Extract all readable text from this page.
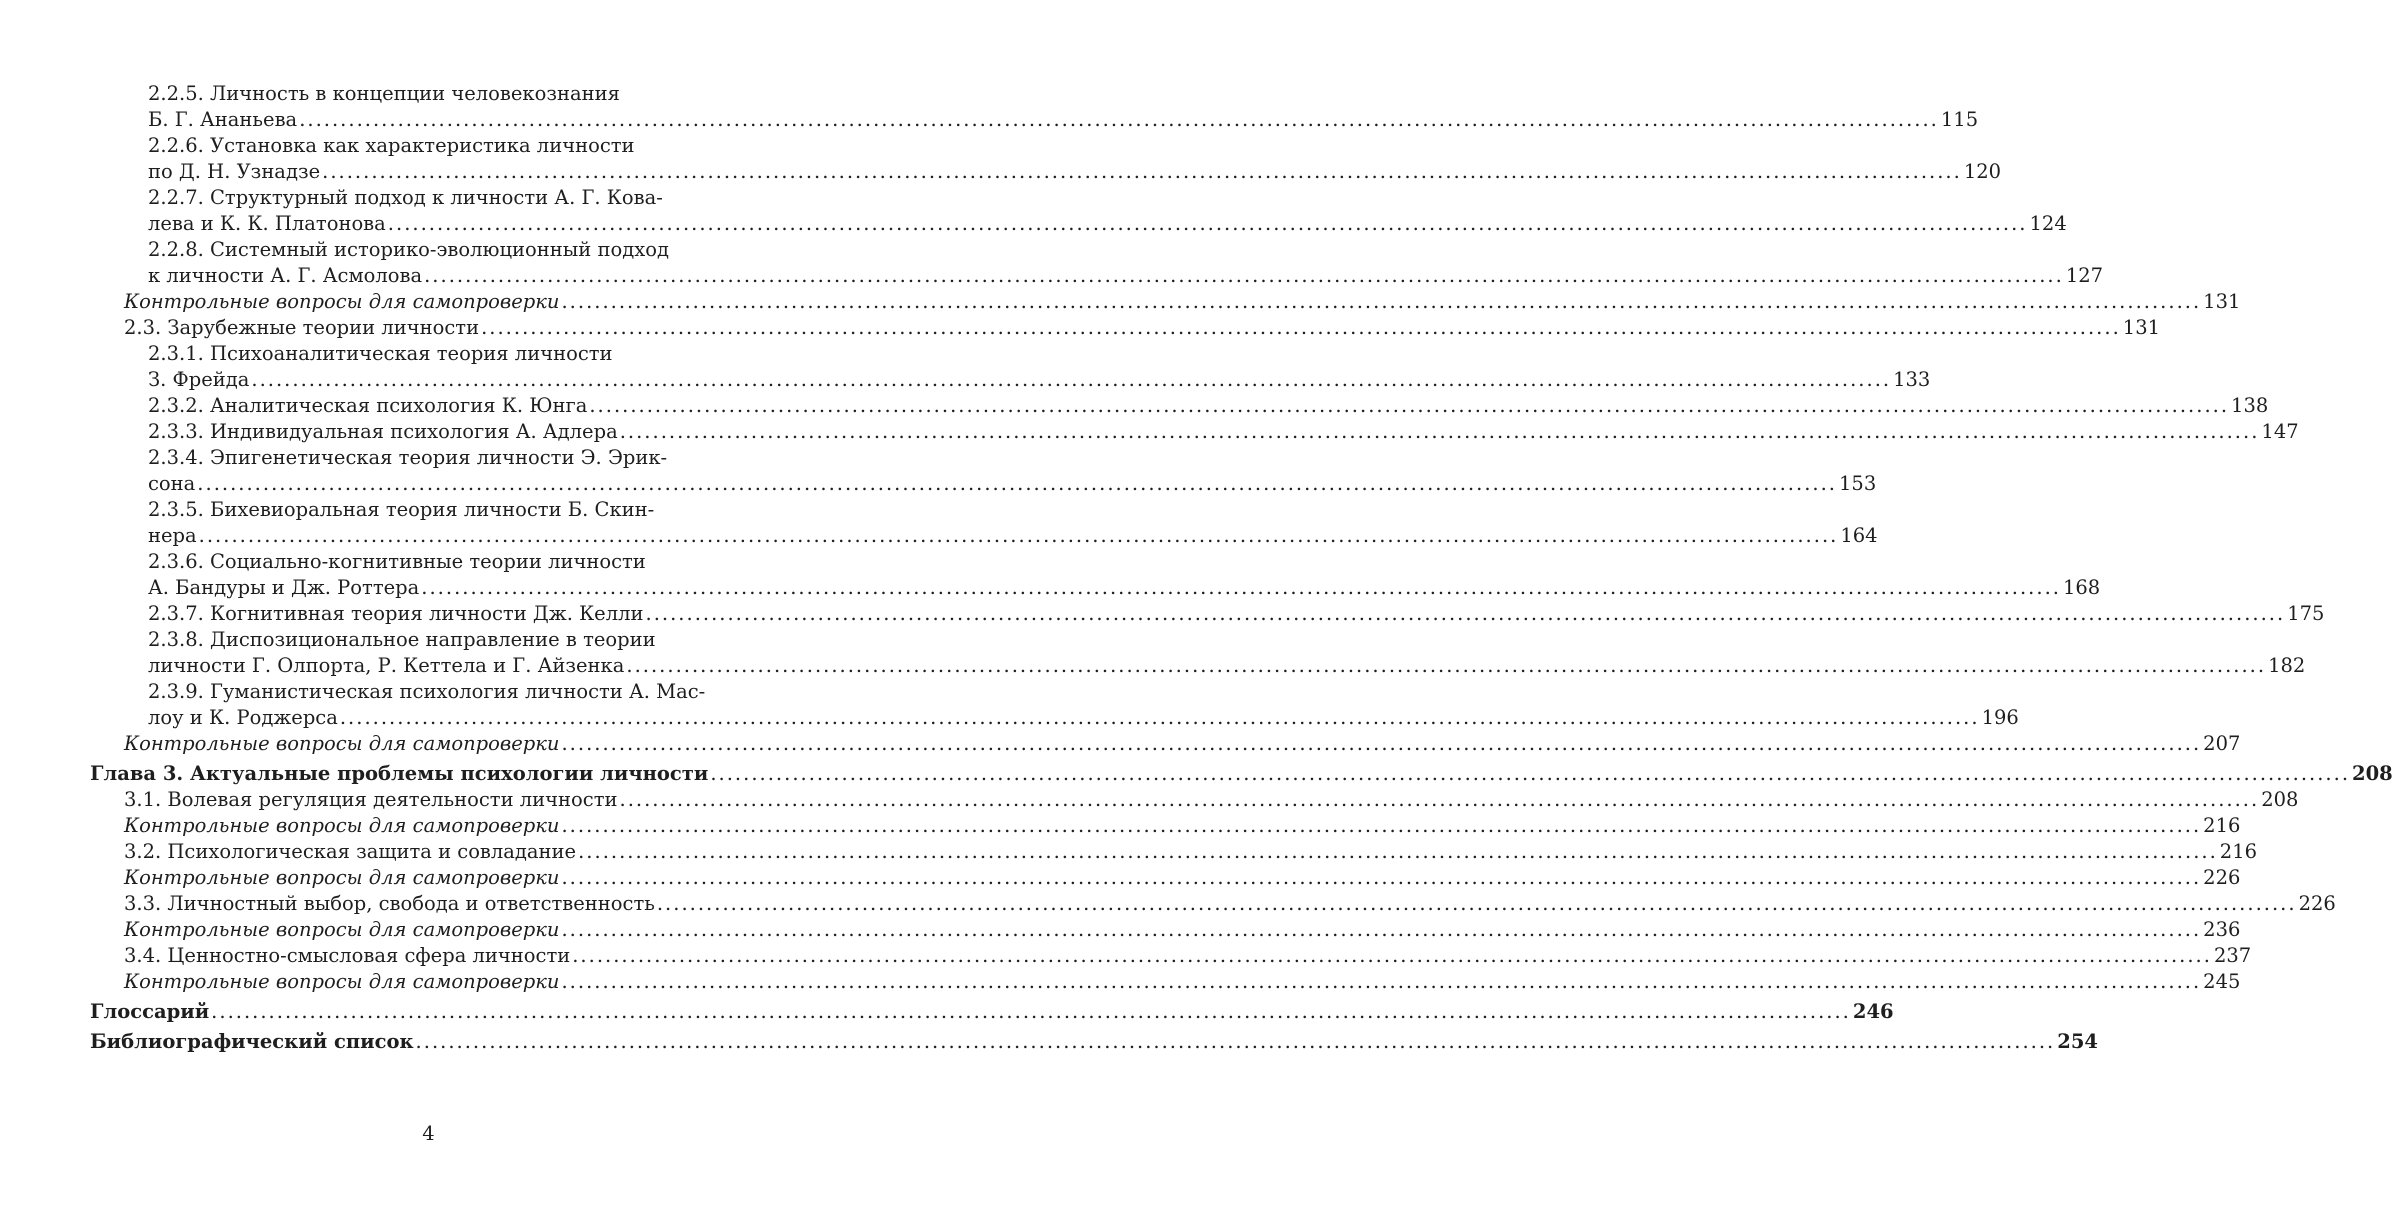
2.2.5. Личность в концепции человекознания
Б. Г. Ананьева ........................................................................................................................................................................................................ 115
2.2.6. Установка как характеристика личности
по Д. Н. Узнадзе ........................................................................................................................................................................................................ 120
2.2.7. Структурный подход к личности А. Г. Кова-
лева и К. К. Платонова ........................................................................................................................................................................................................ 124
2.2.8. Системный историко-эволюционный подход
к личности А. Г. Асмолова ........................................................................................................................................................................................................ 127
Контрольные вопросы для самопроверки ........................................................................................................................................................................................................ 131
2.3. Зарубежные теории личности ........................................................................................................................................................................................................ 131
2.3.1. Психоаналитическая теория личности
З. Фрейда ........................................................................................................................................................................................................ 133
2.3.2. Аналитическая психология К. Юнга ........................................................................................................................................................................................................ 138
2.3.3. Индивидуальная психология А. Адлера ........................................................................................................................................................................................................ 147
2.3.4. Эпигенетическая теория личности Э. Эрик-
сона ........................................................................................................................................................................................................ 153
2.3.5. Бихевиоральная теория личности Б. Скин-
нера ........................................................................................................................................................................................................ 164
2.3.6. Социально-когнитивные теории личности
А. Бандуры и Дж. Роттера ........................................................................................................................................................................................................ 168
2.3.7. Когнитивная теория личности Дж. Келли ........................................................................................................................................................................................................ 175
2.3.8. Диспозициональное направление в теории
личности Г. Олпорта, Р. Кеттела и Г. Айзенка ........................................................................................................................................................................................................ 182
2.3.9. Гуманистическая психология личности А. Мас-
лоу и К. Роджерса ........................................................................................................................................................................................................ 196
Контрольные вопросы для самопроверки ........................................................................................................................................................................................................ 207
Глава 3. Актуальные проблемы психологии личности ........................................................................................................................................................................................................ 208
3.1. Волевая регуляция деятельности личности ........................................................................................................................................................................................................ 208
Контрольные вопросы для самопроверки ........................................................................................................................................................................................................ 216
3.2. Психологическая защита и совладание ........................................................................................................................................................................................................ 216
Контрольные вопросы для самопроверки ........................................................................................................................................................................................................ 226
3.3. Личностный выбор, свобода и ответственность ........................................................................................................................................................................................................ 226
Контрольные вопросы для самопроверки ........................................................................................................................................................................................................ 236
3.4. Ценностно-смысловая сфера личности ........................................................................................................................................................................................................ 237
Контрольные вопросы для самопроверки ........................................................................................................................................................................................................ 245
Глоссарий ........................................................................................................................................................................................................ 246
Библиографический список ........................................................................................................................................................................................................ 254
4
